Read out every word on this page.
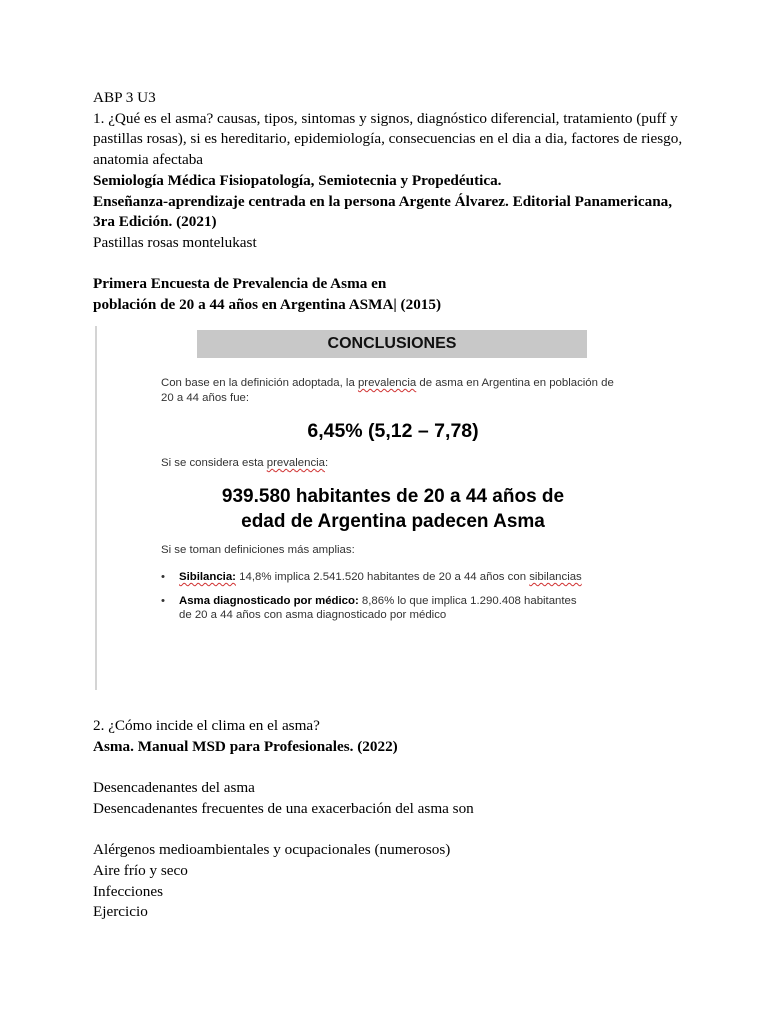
ABP 3 U3

1. ¿Qué es el asma? causas, tipos, sintomas y signos, diagnóstico diferencial, tratamiento (puff y pastillas rosas), si es hereditario, epidemiología, consecuencias en el dia a dia, factores de riesgo, anatomia afectaba

Semiología Médica Fisiopatología, Semiotecnia y Propedéutica.

Enseñanza-aprendizaje centrada en la persona Argente Álvarez. Editorial Panamericana, 3ra Edición. (2021)

Pastillas rosas montelukast

Primera Encuesta de Prevalencia de Asma en

población de 20 a 44 años en Argentina ASMA| (2015)

CONCLUSIONES
Con base en la definición adoptada, la prevalencia de asma en Argentina en población de 20 a 44 años fue:
6,45% (5,12 – 7,78)
Si se considera esta prevalencia:
939.580 habitantes de 20 a 44 años de
edad de Argentina padecen Asma
Si se toman definiciones más amplias:
• Sibilancia: 14,8% implica 2.541.520 habitantes de 20 a 44 años con sibilancias
• Asma diagnosticado por médico: 8,86% lo que implica 1.290.408 habitantes de 20 a 44 años con asma diagnosticado por médico

2. ¿Cómo incide el clima en el asma?

Asma. Manual MSD para Profesionales. (2022)

Desencadenantes del asma

Desencadenantes frecuentes de una exacerbación del asma son

Alérgenos medioambientales y ocupacionales (numerosos)

Aire frío y seco

Infecciones

Ejercicio
